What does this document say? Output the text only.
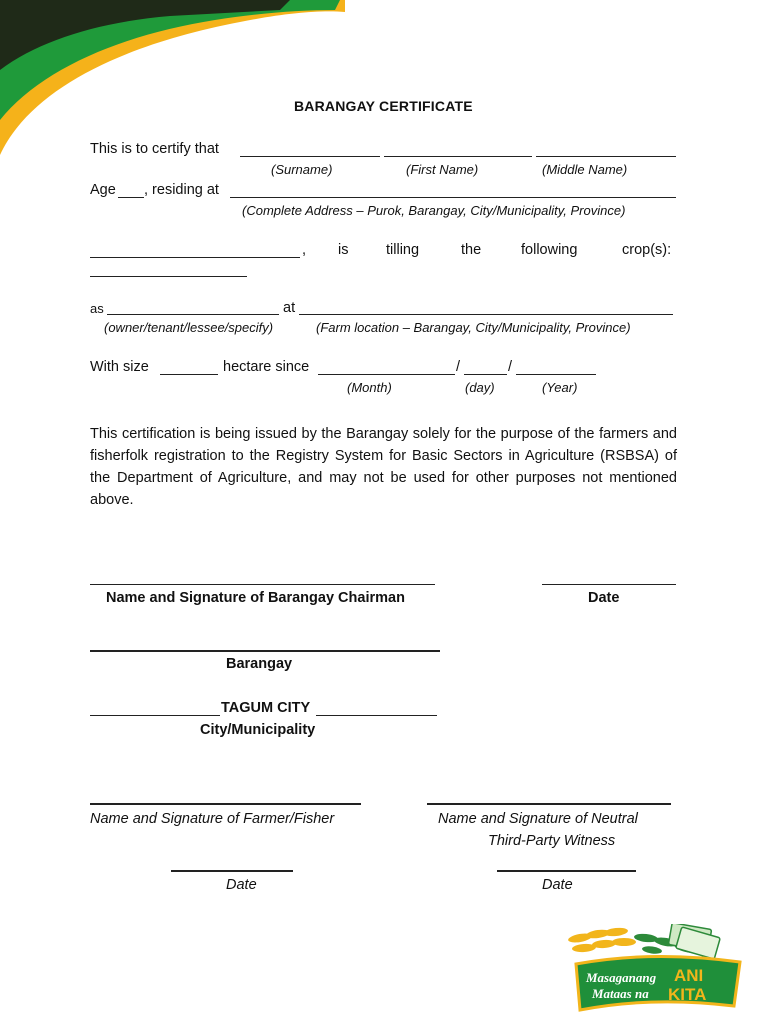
BARANGAY CERTIFICATE
This is to certify that
(Surname)	(First Name)	(Middle Name)
Age , residing at
(Complete Address – Purok, Barangay, City/Municipality, Province)
, is	tilling	the	following	crop(s):
as	at
(owner/tenant/lessee/specify)	(Farm location – Barangay, City/Municipality, Province)
With size	hectare since	/	/
(Month)	(day)	(Year)
This certification is being issued by the Barangay solely for the purpose of the farmers and fisherfolk registration to the Registry System for Basic Sectors in Agriculture (RSBSA) of the Department of Agriculture, and may not be used for other purposes not mentioned above.
Name and Signature of Barangay Chairman	Date
Barangay
TAGUM CITY
City/Municipality
Name and Signature of Farmer/Fisher	Name and Signature of Neutral
Third-Party Witness
Date	Date
Masaganang ANI
Mataas na KITA
